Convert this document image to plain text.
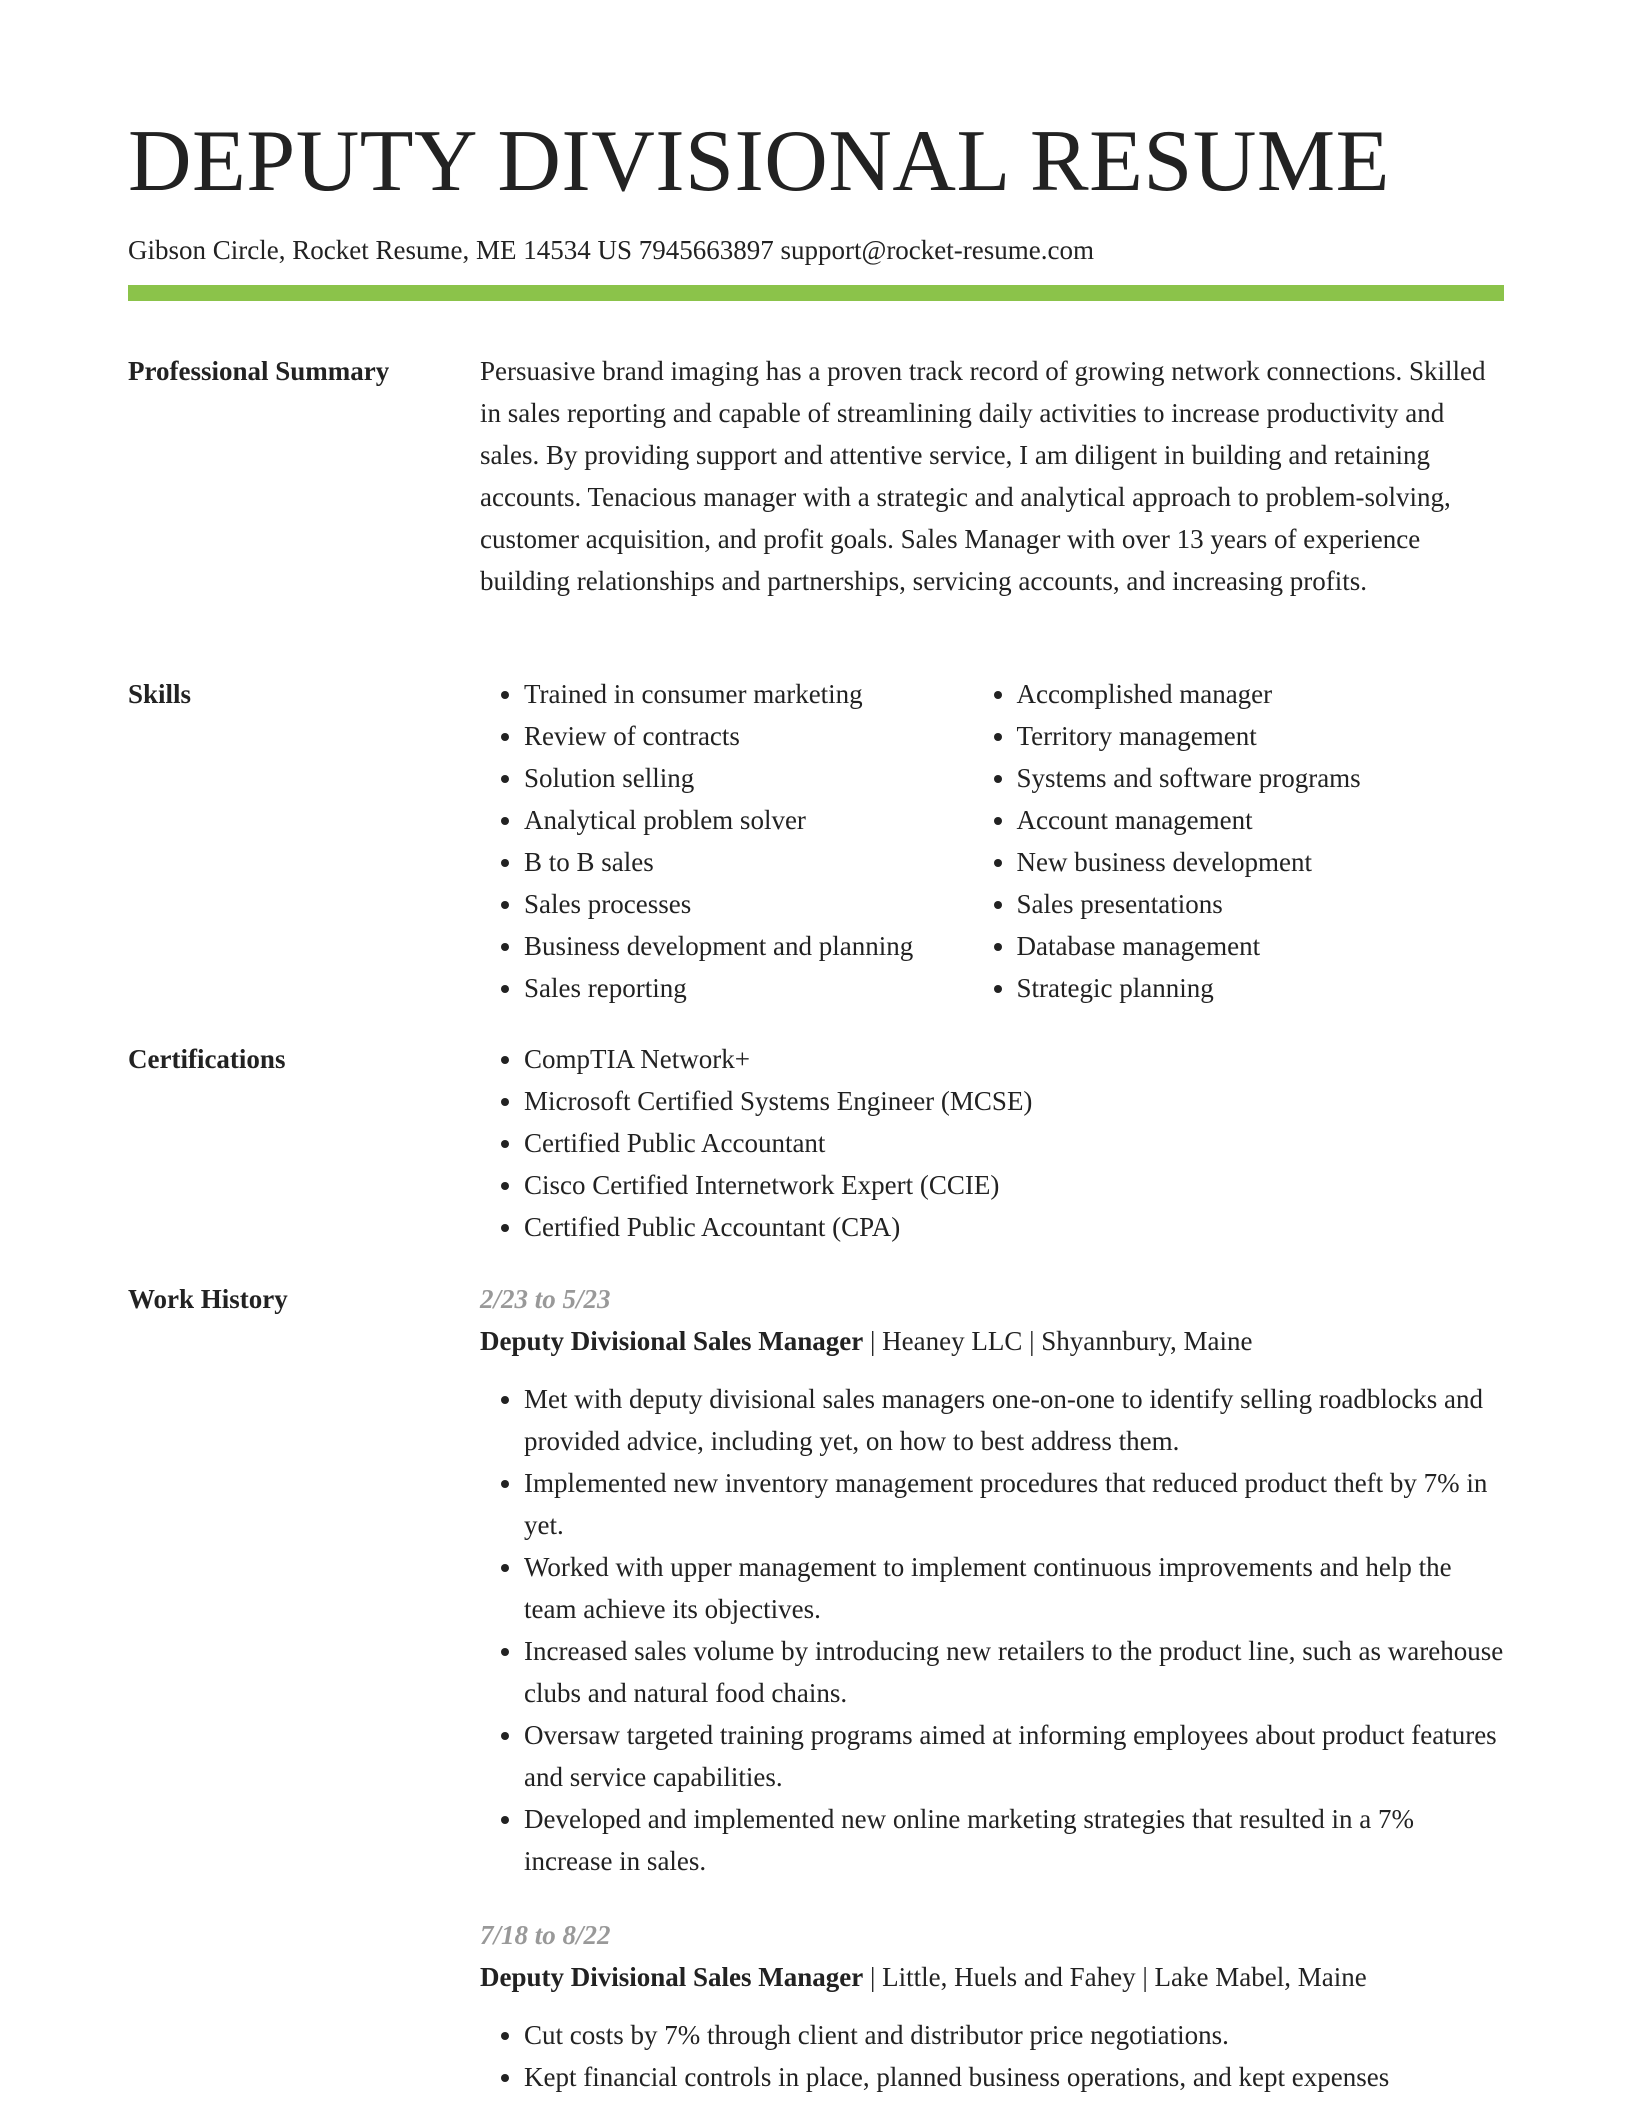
DEPUTY DIVISIONAL RESUME
Gibson Circle, Rocket Resume, ME 14534 US 7945663897 support@rocket-resume.com
Professional Summary	Persuasive brand imaging has a proven track record of growing network connections. Skilled in sales reporting and capable of streamlining daily activities to increase productivity and sales. By providing support and attentive service, I am diligent in building and retaining accounts. Tenacious manager with a strategic and analytical approach to problem-solving, customer acquisition, and profit goals. Sales Manager with over 13 years of experience building relationships and partnerships, servicing accounts, and increasing profits.

Skills	• Trained in consumer marketing
• Review of contracts
• Solution selling
• Analytical problem solver
• B to B sales
• Sales processes
• Business development and planning
• Sales reporting
• Accomplished manager
• Territory management
• Systems and software programs
• Account management
• New business development
• Sales presentations
• Database management
• Strategic planning
Certifications	• CompTIA Network+
• Microsoft Certified Systems Engineer (MCSE)
• Certified Public Accountant
• Cisco Certified Internetwork Expert (CCIE)
• Certified Public Accountant (CPA)
Work History	2/23 to 5/23
Deputy Divisional Sales Manager | Heaney LLC | Shyannbury, Maine
• Met with deputy divisional sales managers one-on-one to identify selling roadblocks and provided advice, including yet, on how to best address them.
• Implemented new inventory management procedures that reduced product theft by 7% in yet.
• Worked with upper management to implement continuous improvements and help the team achieve its objectives.
• Increased sales volume by introducing new retailers to the product line, such as warehouse clubs and natural food chains.
• Oversaw targeted training programs aimed at informing employees about product features and service capabilities.
• Developed and implemented new online marketing strategies that resulted in a 7% increase in sales.
7/18 to 8/22
Deputy Divisional Sales Manager | Little, Huels and Fahey | Lake Mabel, Maine
• Cut costs by 7% through client and distributor price negotiations.
• Kept financial controls in place, planned business operations, and kept expenses
